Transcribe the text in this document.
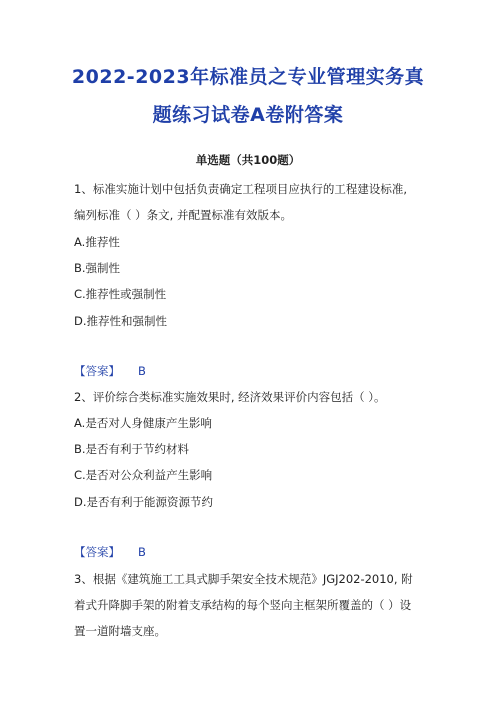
2022-2023年标准员之专业管理实务真
题练习试卷A卷附答案
单选题（共100题）
1、标准实施计划中包括负责确定工程项目应执行的工程建设标准,
编列标准（ ）条文, 并配置标准有效版本。
A.推荐性
B.强制性
C.推荐性或强制性
D.推荐性和强制性
【答案】 B
2、评价综合类标准实施效果时, 经济效果评价内容包括（ ）。
A.是否对人身健康产生影响
B.是否有利于节约材料
C.是否对公众利益产生影响
D.是否有利于能源资源节约
【答案】 B
3、根据《建筑施工工具式脚手架安全技术规范》JGJ202-2010, 附
着式升降脚手架的附着支承结构的每个竖向主框架所覆盖的（ ）设
置一道附墙支座。
